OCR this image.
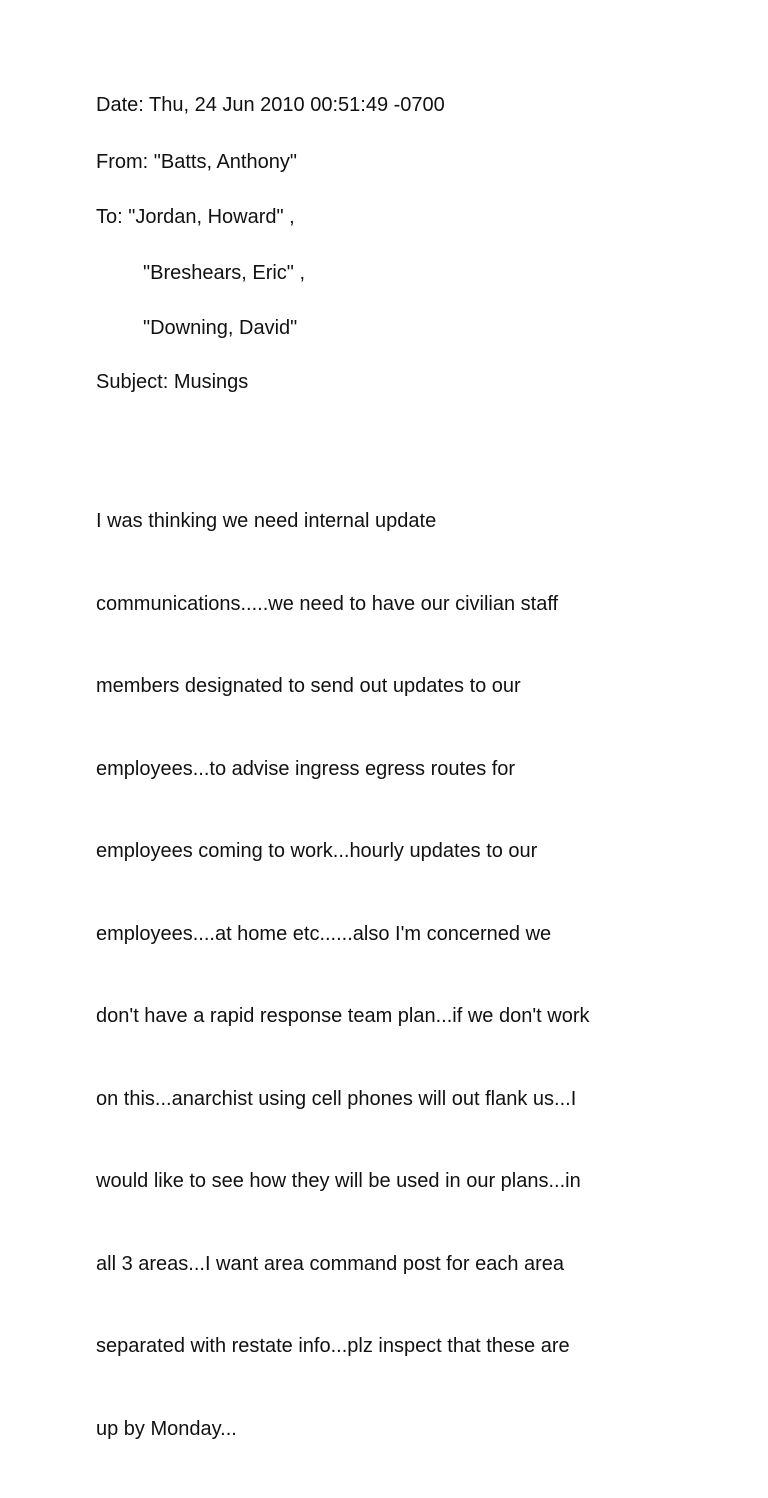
Date: Thu, 24 Jun 2010 00:51:49 -0700
From: "Batts, Anthony"
To: "Jordan, Howard" ,
"Breshears, Eric" ,
"Downing, David"
Subject: Musings

I was thinking we need internal update

communications.....we need to have our civilian staff

members designated to send out updates to our

employees...to advise ingress egress routes for

employees coming to work...hourly updates to our

employees....at home etc......also I'm concerned we

don't have a rapid response team plan...if we don't work

on this...anarchist using cell phones will out flank us...I

would like to see how they will be used in our plans...in

all 3 areas...I want area command post for each area

separated with restate info...plz inspect that these are

up by Monday...
